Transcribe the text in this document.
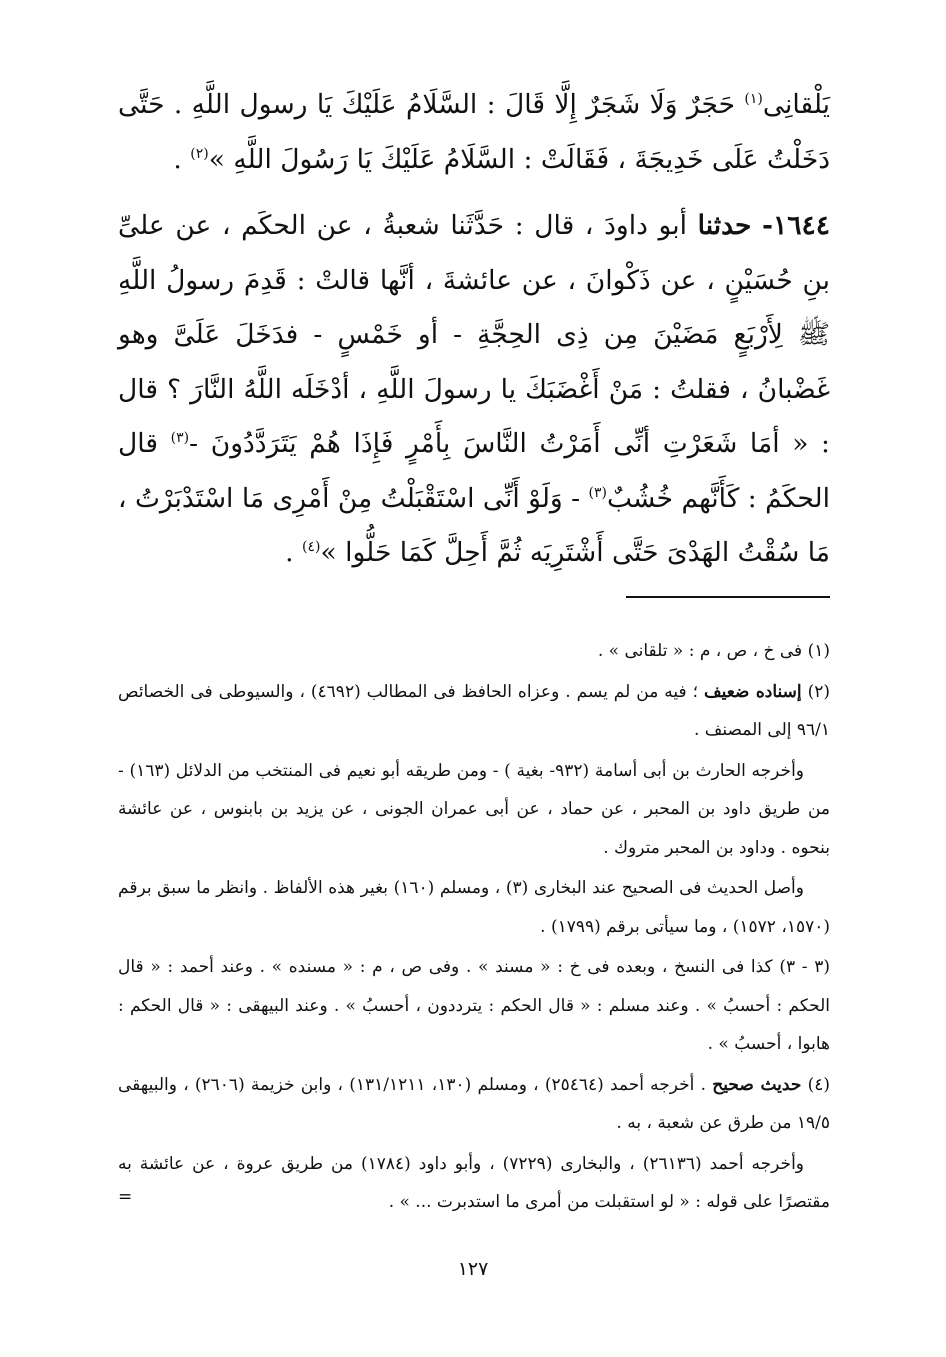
يَلْقانِى$^{(١)}$ حَجَرٌ وَلَا شَجَرٌ إِلَّا قَالَ : السَّلَامُ عَلَيْكَ يَا رسول اللَّهِ . حَتَّى دَخَلْتُ عَلَى خَدِيجَةَ ، فَقَالَتْ : السَّلَامُ عَلَيْكَ يَا رَسُولَ اللَّهِ »$^{(٢)}$ .

١٦٤٤- حدثنا أبو داودَ ، قال : حَدَّثَنا شعبةُ ، عن الحكَم ، عن علىِّ بنِ حُسَيْنٍ ، عن ذَكْوانَ ، عن عائشةَ ، أنَّها قالتْ : قَدِمَ رسولُ اللَّهِ ﷺ لِأَرْبَعٍ مَضَيْنَ مِن ذِى الحِجَّةِ - أو خَمْسٍ - فدَخَلَ عَلَىَّ وهو غَضْبانُ ، فقلتُ : مَنْ أَغْضَبَكَ يا رسولَ اللَّهِ ، أدْخَلَه اللَّهُ النَّارَ ؟ قال : « أمَا شَعَرْتِ أنِّى أَمَرْتُ النَّاسَ بِأَمْرٍ فَإِذَا هُمْ يَتَرَدَّدُونَ -$^{(٣)}$ قال الحكَمُ : كَأَنَّهم خُشُبٌ$^{(٣)}$ - وَلَوْ أَنِّى اسْتَقْبَلْتُ مِنْ أَمْرِى مَا اسْتَدْبَرْتُ ، مَا سُقْتُ الهَدْىَ حَتَّى أَشْتَرِيَه ثُمَّ أَحِلَّ كَمَا حَلُّوا »$^{(٤)}$ .

(١) فى خ ، ص ، م : « تلقانى » .

(٢) إسناده ضعيف ؛ فيه من لم يسم . وعزاه الحافظ فى المطالب (٤٦٩٢) ، والسيوطى فى الخصائص ٩٦/١ إلى المصنف .

وأخرجه الحارث بن أبى أسامة (٩٣٢- بغية ) - ومن طريقه أبو نعيم فى المنتخب من الدلائل (١٦٣) - من طريق داود بن المحبر ، عن حماد ، عن أبى عمران الجونى ، عن يزيد بن بابنوس ، عن عائشة بنحوه . وداود بن المحبر متروك .

وأصل الحديث فى الصحيح عند البخارى (٣) ، ومسلم (١٦٠) بغير هذه الألفاظ . وانظر ما سبق برقم (١٥٧٠، ١٥٧٢) ، وما سيأتى برقم (١٧٩٩) .

(٣ - ٣) كذا فى النسخ ، وبعده فى خ : « مسند » . وفى ص ، م : « مسنده » . وعند أحمد : « قال الحكم : أحسبُ » . وعند مسلم : « قال الحكم : يترددون ، أحسبُ » . وعند البيهقى : « قال الحكم : هابوا ، أحسبُ » .

(٤) حديث صحيح . أخرجه أحمد (٢٥٤٦٤) ، ومسلم (١٣٠، ١٣١/١٢١١) ، وابن خزيمة (٢٦٠٦) ، والبيهقى ١٩/٥ من طرق عن شعبة ، به .

وأخرجه أحمد (٢٦١٣٦) ، والبخارى (٧٢٢٩) ، وأبو داود (١٧٨٤) من طريق عروة ، عن عائشة به مقتصرًا على قوله : « لو استقبلت من أمرى ما استدبرت ... » .

=
١٢٧
